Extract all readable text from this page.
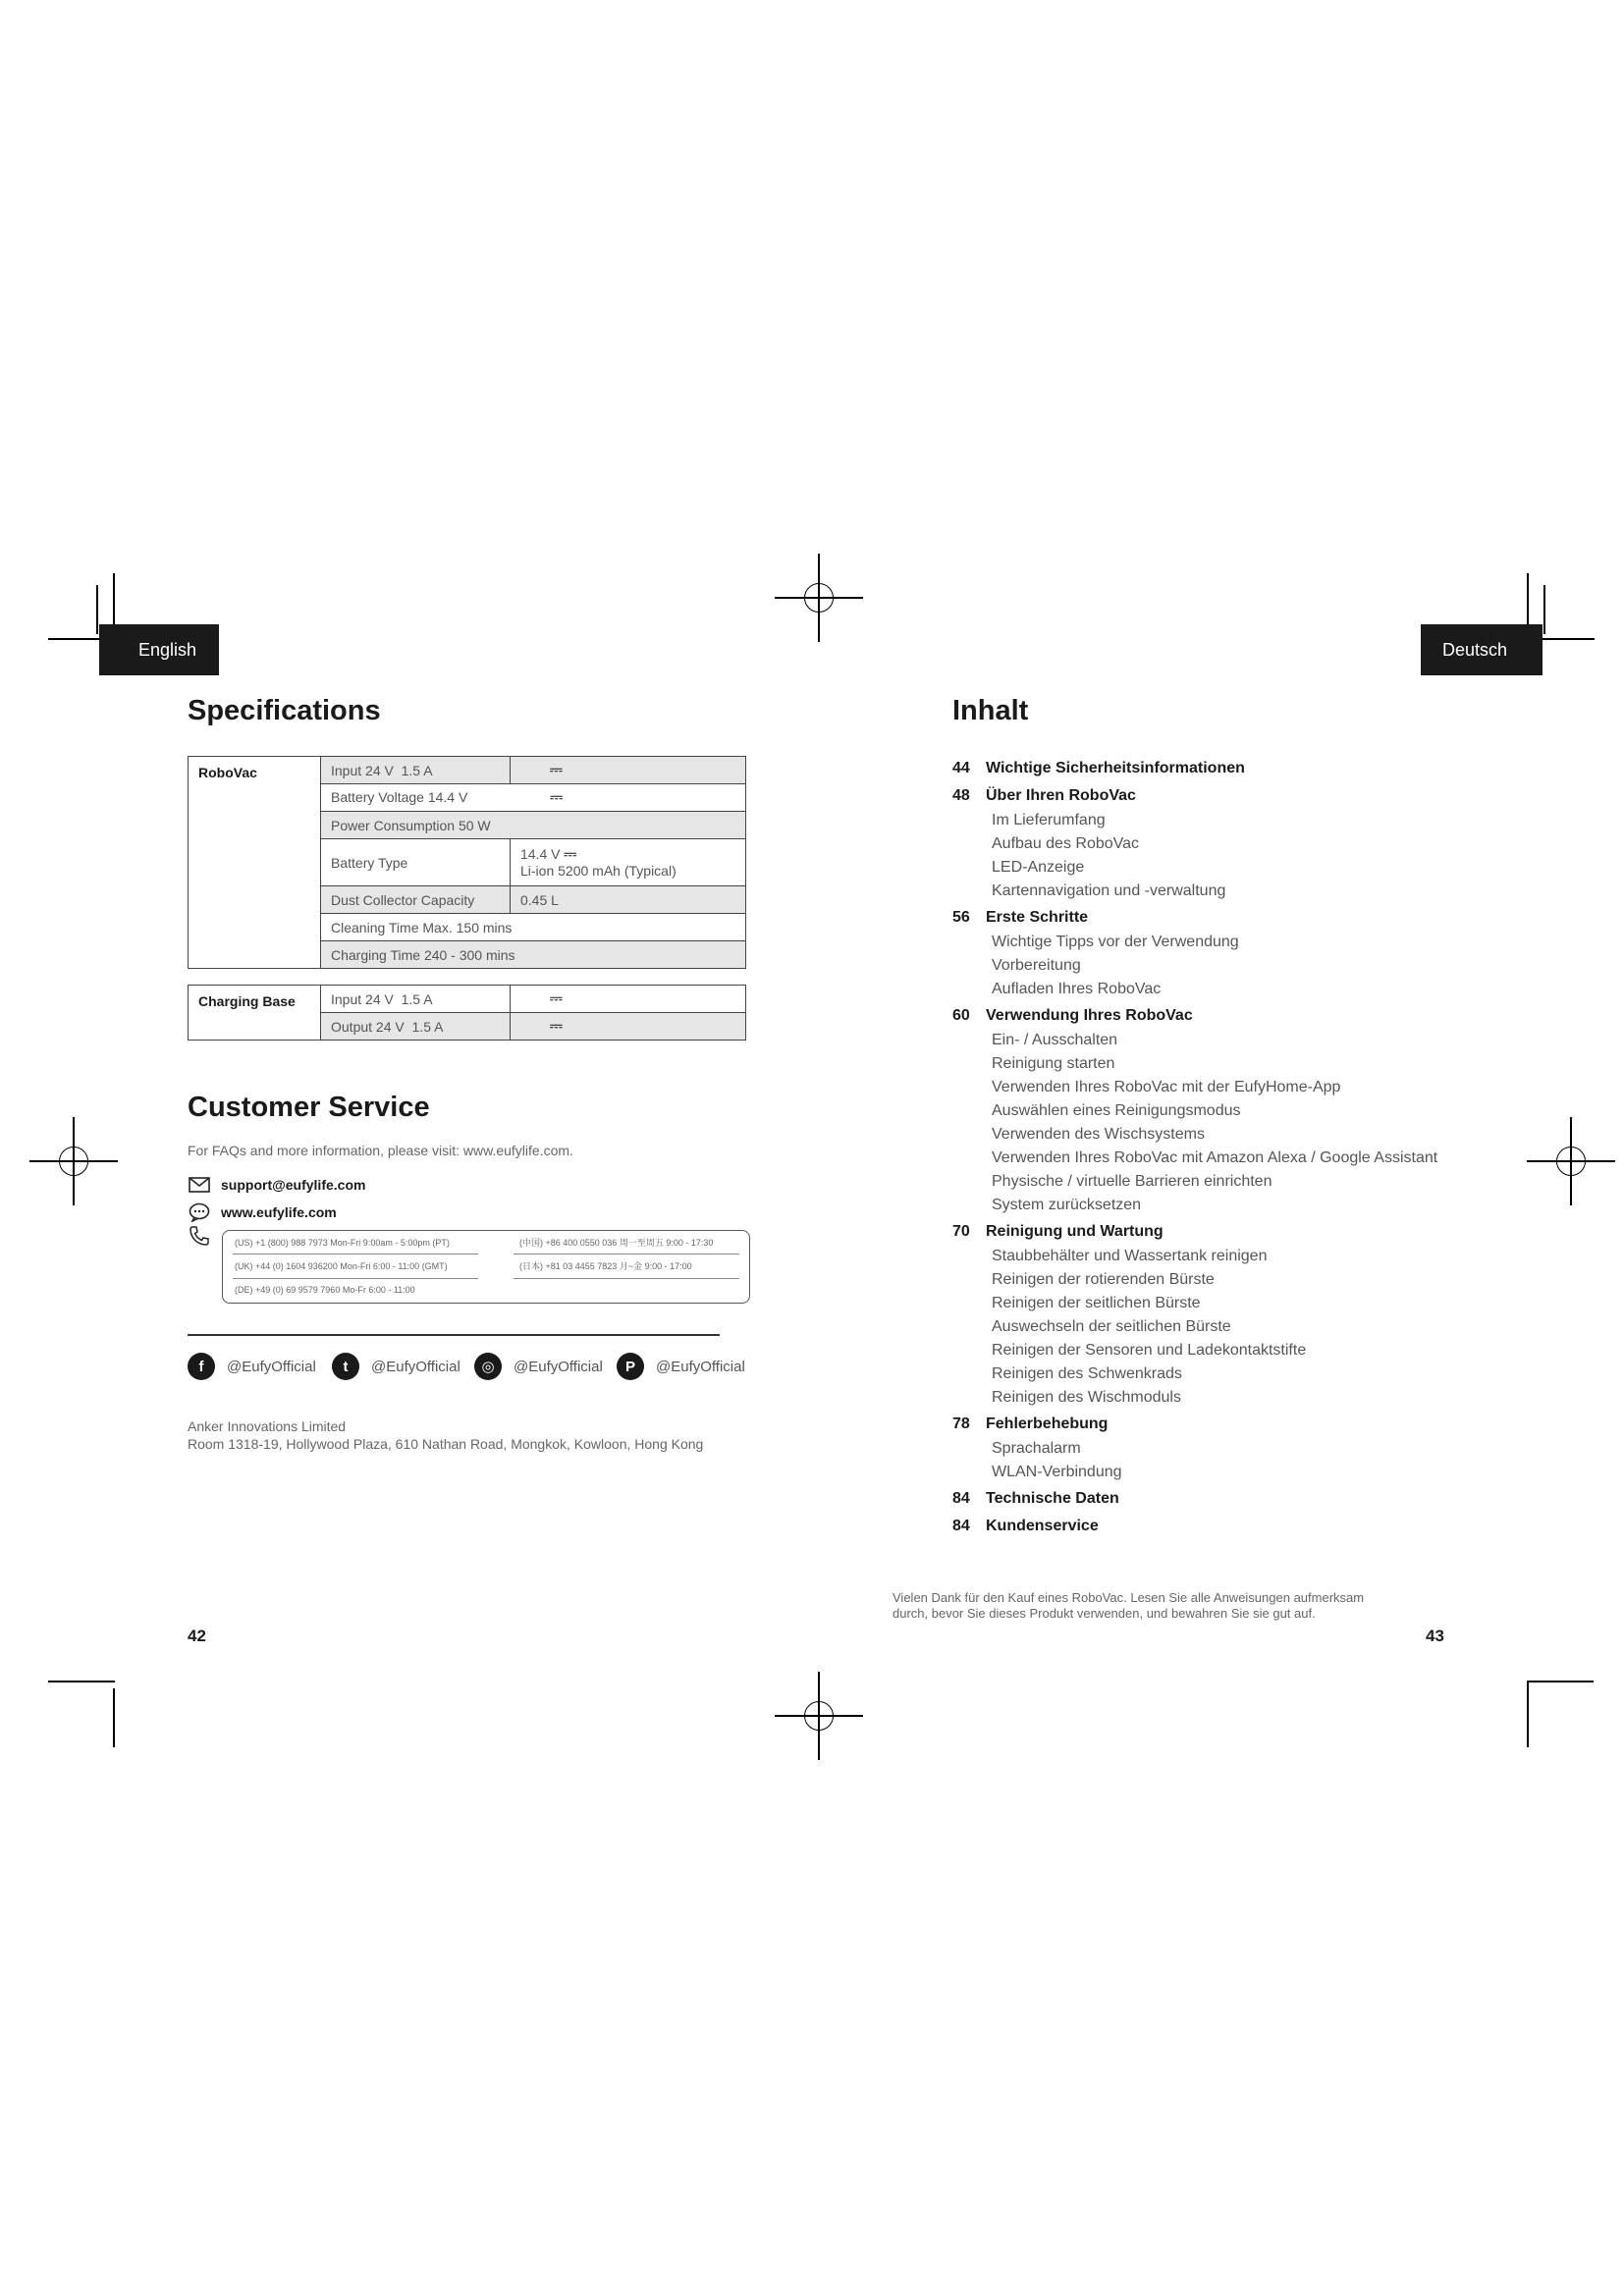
English
Specifications
RoboVac	Input 24 V 1.5 A	⎓
	Battery Voltage 14.4 V ⎓	
	Power Consumption 50 W	
	Battery Type	14.4 V ⎓
Li-ion 5200 mAh (Typical)
	Dust Collector Capacity	0.45 L
	Cleaning Time Max. 150 mins	
	Charging Time 240 - 300 mins	
Charging Base	Input 24 V 1.5 A	⎓
	Output 24 V 1.5 A	⎓
Customer Service
For FAQs and more information, please visit: www.eufylife.com.
support@eufylife.com
www.eufylife.com
(US) +1 (800) 988 7973 Mon-Fri 9:00am - 5:00pm (PT)
(UK) +44 (0) 1604 936200 Mon-Fri 6:00 - 11:00 (GMT)
(DE) +49 (0) 69 9579 7960 Mo-Fr 6:00 - 11:00
(中国) +86 400 0550 036 周一至周五 9:00 - 17:30
(日本) +81 03 4455 7823 月~金 9:00 - 17:00
f	@EufyOfficial	t	@EufyOfficial	◎	@EufyOfficial	P	@EufyOfficial
Anker Innovations Limited
Room 1318-19, Hollywood Plaza, 610 Nathan Road, Mongkok, Kowloon, Hong Kong
42
Deutsch
Inhalt
44	Wichtige Sicherheitsinformationen
48	Über Ihren RoboVac
Im Lieferumfang
Aufbau des RoboVac
LED-Anzeige
Kartennavigation und -verwaltung
56	Erste Schritte
Wichtige Tipps vor der Verwendung
Vorbereitung
Aufladen Ihres RoboVac
60	Verwendung Ihres RoboVac
Ein- / Ausschalten
Reinigung starten
Verwenden Ihres RoboVac mit der EufyHome-App
Auswählen eines Reinigungsmodus
Verwenden des Wischsystems
Verwenden Ihres RoboVac mit Amazon Alexa / Google Assistant
Physische / virtuelle Barrieren einrichten
System zurücksetzen
70	Reinigung und Wartung
Staubbehälter und Wassertank reinigen
Reinigen der rotierenden Bürste
Reinigen der seitlichen Bürste
Auswechseln der seitlichen Bürste
Reinigen der Sensoren und Ladekontaktstifte
Reinigen des Schwenkrads
Reinigen des Wischmoduls
78	Fehlerbehebung
Sprachalarm
WLAN-Verbindung
84	Technische Daten
84	Kundenservice
Vielen Dank für den Kauf eines RoboVac. Lesen Sie alle Anweisungen aufmerksam
durch, bevor Sie dieses Produkt verwenden, und bewahren Sie sie gut auf.
43
